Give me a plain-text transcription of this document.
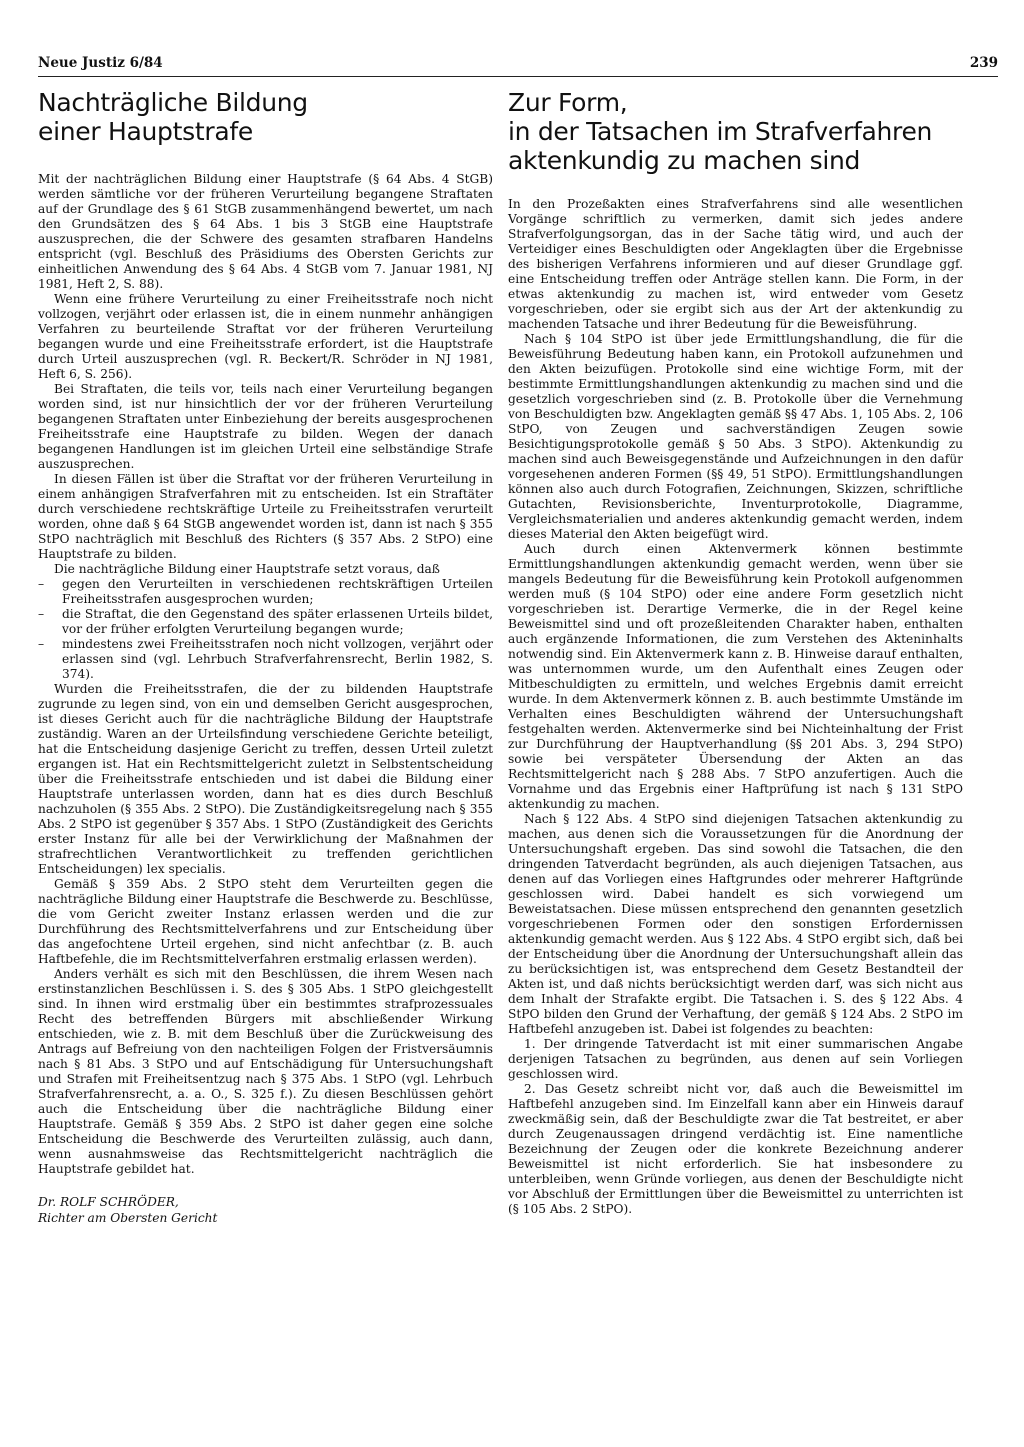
Neue Justiz 6/84	239
Nachträgliche Bildung
einer Hauptstrafe

Mit der nachträglichen Bildung einer Hauptstrafe (§ 64 Abs. 4 StGB) werden sämtliche vor der früheren Verurteilung begangene Straftaten auf der Grundlage des § 61 StGB zusammenhängend bewertet, um nach den Grundsätzen des § 64 Abs. 1 bis 3 StGB eine Hauptstrafe auszusprechen, die der Schwere des gesamten strafbaren Handelns entspricht (vgl. Beschluß des Präsidiums des Obersten Gerichts zur einheitlichen Anwendung des § 64 Abs. 4 StGB vom 7. Januar 1981, NJ 1981, Heft 2, S. 88).

Wenn eine frühere Verurteilung zu einer Freiheitsstrafe noch nicht vollzogen, verjährt oder erlassen ist, die in einem nunmehr anhängigen Verfahren zu beurteilende Straftat vor der früheren Verurteilung begangen wurde und eine Freiheitsstrafe erfordert, ist die Hauptstrafe durch Urteil auszusprechen (vgl. R. Beckert/R. Schröder in NJ 1981, Heft 6, S. 256).

Bei Straftaten, die teils vor, teils nach einer Verurteilung begangen worden sind, ist nur hinsichtlich der vor der früheren Verurteilung begangenen Straftaten unter Einbeziehung der bereits ausgesprochenen Freiheitsstrafe eine Hauptstrafe zu bilden. Wegen der danach begangenen Handlungen ist im gleichen Urteil eine selbständige Strafe auszusprechen.

In diesen Fällen ist über die Straftat vor der früheren Verurteilung in einem anhängigen Strafverfahren mit zu entscheiden. Ist ein Straftäter durch verschiedene rechtskräftige Urteile zu Freiheitsstrafen verurteilt worden, ohne daß § 64 StGB angewendet worden ist, dann ist nach § 355 StPO nachträglich mit Beschluß des Richters (§ 357 Abs. 2 StPO) eine Hauptstrafe zu bilden.

Die nachträgliche Bildung einer Hauptstrafe setzt voraus, daß

– gegen den Verurteilten in verschiedenen rechtskräftigen Urteilen Freiheitsstrafen ausgesprochen wurden;
– die Straftat, die den Gegenstand des später erlassenen Urteils bildet, vor der früher erfolgten Verurteilung begangen wurde;
– mindestens zwei Freiheitsstrafen noch nicht vollzogen, verjährt oder erlassen sind (vgl. Lehrbuch Strafverfahrensrecht, Berlin 1982, S. 374).

Wurden die Freiheitsstrafen, die der zu bildenden Hauptstrafe zugrunde zu legen sind, von ein und demselben Gericht ausgesprochen, ist dieses Gericht auch für die nachträgliche Bildung der Hauptstrafe zuständig. Waren an der Urteilsfindung verschiedene Gerichte beteiligt, hat die Entscheidung dasjenige Gericht zu treffen, dessen Urteil zuletzt ergangen ist. Hat ein Rechtsmittelgericht zuletzt in Selbstentscheidung über die Freiheitsstrafe entschieden und ist dabei die Bildung einer Hauptstrafe unterlassen worden, dann hat es dies durch Beschluß nachzuholen (§ 355 Abs. 2 StPO). Die Zuständigkeitsregelung nach § 355 Abs. 2 StPO ist gegenüber § 357 Abs. 1 StPO (Zuständigkeit des Gerichts erster Instanz für alle bei der Verwirklichung der Maßnahmen der strafrechtlichen Verantwortlichkeit zu treffenden gerichtlichen Entscheidungen) lex specialis.

Gemäß § 359 Abs. 2 StPO steht dem Verurteilten gegen die nachträgliche Bildung einer Hauptstrafe die Beschwerde zu. Beschlüsse, die vom Gericht zweiter Instanz erlassen werden und die zur Durchführung des Rechtsmittelverfahrens und zur Entscheidung über das angefochtene Urteil ergehen, sind nicht anfechtbar (z. B. auch Haftbefehle, die im Rechtsmittelverfahren erstmalig erlassen werden).

Anders verhält es sich mit den Beschlüssen, die ihrem Wesen nach erstinstanzlichen Beschlüssen i. S. des § 305 Abs. 1 StPO gleichgestellt sind. In ihnen wird erstmalig über ein bestimmtes strafprozessuales Recht des betreffenden Bürgers mit abschließender Wirkung entschieden, wie z. B. mit dem Beschluß über die Zurückweisung des Antrags auf Befreiung von den nachteiligen Folgen der Fristversäumnis nach § 81 Abs. 3 StPO und auf Entschädigung für Untersuchungshaft und Strafen mit Freiheitsentzug nach § 375 Abs. 1 StPO (vgl. Lehrbuch Strafverfahrensrecht, a. a. O., S. 325 f.). Zu diesen Beschlüssen gehört auch die Entscheidung über die nachträgliche Bildung einer Hauptstrafe. Gemäß § 359 Abs. 2 StPO ist daher gegen eine solche Entscheidung die Beschwerde des Verurteilten zulässig, auch dann, wenn ausnahmsweise das Rechtsmittelgericht nachträglich die Hauptstrafe gebildet hat.

Dr. ROLF SCHRÖDER,
Richter am Obersten Gericht
Zur Form,
in der Tatsachen im Strafverfahren
aktenkundig zu machen sind

In den Prozeßakten eines Strafverfahrens sind alle wesentlichen Vorgänge schriftlich zu vermerken, damit sich jedes andere Strafverfolgungsorgan, das in der Sache tätig wird, und auch der Verteidiger eines Beschuldigten oder Angeklagten über die Ergebnisse des bisherigen Verfahrens informieren und auf dieser Grundlage ggf. eine Entscheidung treffen oder Anträge stellen kann. Die Form, in der etwas aktenkundig zu machen ist, wird entweder vom Gesetz vorgeschrieben, oder sie ergibt sich aus der Art der aktenkundig zu machenden Tatsache und ihrer Bedeutung für die Beweisführung.

Nach § 104 StPO ist über jede Ermittlungshandlung, die für die Beweisführung Bedeutung haben kann, ein Protokoll aufzunehmen und den Akten beizufügen. Protokolle sind eine wichtige Form, mit der bestimmte Ermittlungshandlungen aktenkundig zu machen sind und die gesetzlich vorgeschrieben sind (z. B. Protokolle über die Vernehmung von Beschuldigten bzw. Angeklagten gemäß §§ 47 Abs. 1, 105 Abs. 2, 106 StPO, von Zeugen und sachverständigen Zeugen sowie Besichtigungsprotokolle gemäß § 50 Abs. 3 StPO). Aktenkundig zu machen sind auch Beweisgegenstände und Aufzeichnungen in den dafür vorgesehenen anderen Formen (§§ 49, 51 StPO). Ermittlungshandlungen können also auch durch Fotografien, Zeichnungen, Skizzen, schriftliche Gutachten, Revisionsberichte, Inventurprotokolle, Diagramme, Vergleichsmaterialien und anderes aktenkundig gemacht werden, indem dieses Material den Akten beigefügt wird.

Auch durch einen Aktenvermerk können bestimmte Ermittlungshandlungen aktenkundig gemacht werden, wenn über sie mangels Bedeutung für die Beweisführung kein Protokoll aufgenommen werden muß (§ 104 StPO) oder eine andere Form gesetzlich nicht vorgeschrieben ist. Derartige Vermerke, die in der Regel keine Beweismittel sind und oft prozeßleitenden Charakter haben, enthalten auch ergänzende Informationen, die zum Verstehen des Akteninhalts notwendig sind. Ein Aktenvermerk kann z. B. Hinweise darauf enthalten, was unternommen wurde, um den Aufenthalt eines Zeugen oder Mitbeschuldigten zu ermitteln, und welches Ergebnis damit erreicht wurde. In dem Aktenvermerk können z. B. auch bestimmte Umstände im Verhalten eines Beschuldigten während der Untersuchungshaft festgehalten werden. Aktenvermerke sind bei Nichteinhaltung der Frist zur Durchführung der Hauptverhandlung (§§ 201 Abs. 3, 294 StPO) sowie bei verspäteter Übersendung der Akten an das Rechtsmittelgericht nach § 288 Abs. 7 StPO anzufertigen. Auch die Vornahme und das Ergebnis einer Haftprüfung ist nach § 131 StPO aktenkundig zu machen.

Nach § 122 Abs. 4 StPO sind diejenigen Tatsachen aktenkundig zu machen, aus denen sich die Voraussetzungen für die Anordnung der Untersuchungshaft ergeben. Das sind sowohl die Tatsachen, die den dringenden Tatverdacht begründen, als auch diejenigen Tatsachen, aus denen auf das Vorliegen eines Haftgrundes oder mehrerer Haftgründe geschlossen wird. Dabei handelt es sich vorwiegend um Beweistatsachen. Diese müssen entsprechend den genannten gesetzlich vorgeschriebenen Formen oder den sonstigen Erfordernissen aktenkundig gemacht werden. Aus § 122 Abs. 4 StPO ergibt sich, daß bei der Entscheidung über die Anordnung der Untersuchungshaft allein das zu berücksichtigen ist, was entsprechend dem Gesetz Bestandteil der Akten ist, und daß nichts berücksichtigt werden darf, was sich nicht aus dem Inhalt der Strafakte ergibt. Die Tatsachen i. S. des § 122 Abs. 4 StPO bilden den Grund der Verhaftung, der gemäß § 124 Abs. 2 StPO im Haftbefehl anzugeben ist. Dabei ist folgendes zu beachten:

1. Der dringende Tatverdacht ist mit einer summarischen Angabe derjenigen Tatsachen zu begründen, aus denen auf sein Vorliegen geschlossen wird.
2. Das Gesetz schreibt nicht vor, daß auch die Beweismittel im Haftbefehl anzugeben sind. Im Einzelfall kann aber ein Hinweis darauf zweckmäßig sein, daß der Beschuldigte zwar die Tat bestreitet, er aber durch Zeugenaussagen dringend verdächtig ist. Eine namentliche Bezeichnung der Zeugen oder die konkrete Bezeichnung anderer Beweismittel ist nicht erforderlich. Sie hat insbesondere zu unterbleiben, wenn Gründe vorliegen, aus denen der Beschuldigte nicht vor Abschluß der Ermittlungen über die Beweismittel zu unterrichten ist (§ 105 Abs. 2 StPO).
